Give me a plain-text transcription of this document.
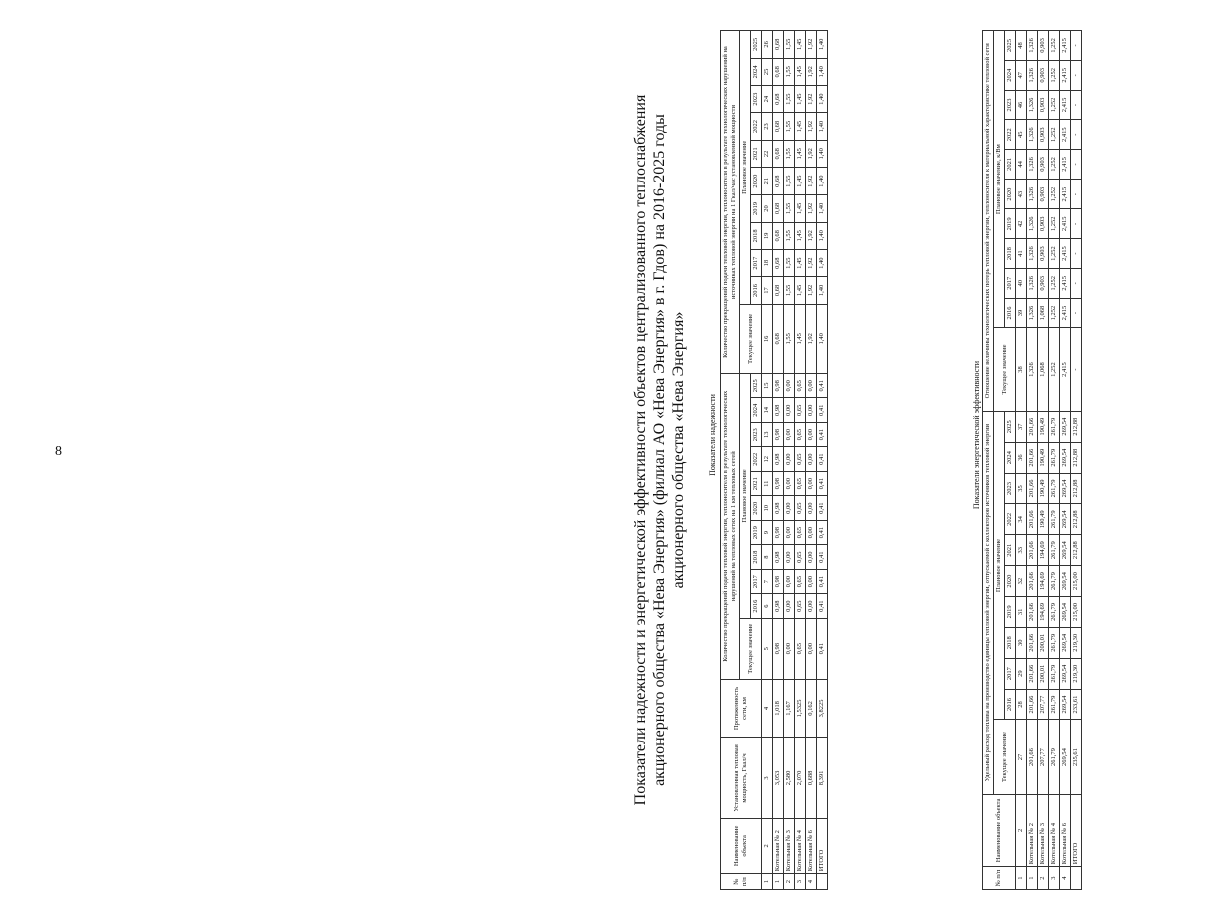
8	Показатели надежности и энергетической эффективности объектов централизованного теплоснабжения акционерного общества «Нева Энергия» (филиал АО «Нева Энергия» в г. Гдов) на 2016-2025 годы акционерного общества «Нева Энергия»	Показатели надежности
№ п/п	Наименование объекта	Установленная тепловая мощность, Гкал/ч	Протяженность сети, км	Количество прекращений подачи тепловой энергии, теплоносителя в результате технологических нарушений на тепловых сетях на 1 км тепловых сетей											Количество прекращений подачи тепловой энергии, теплоносителя в результате технологических нарушений на источниках тепловой энергии на 1 Гкал/час установленной мощности										
				Текущее значение	Плановое значение										Текущее значение	Плановое значение									
					2016	2017	2018	2019	2020	2021	2022	2023	2024	2025		2016	2017	2018	2019	2020	2021	2022	2023	2024	2025
1	2	3	4	5	6	7	8	9	10	11	12	13	14	15	16	17	18	19	20	21	22	23	24	25	26
1	Котельная № 2	3,053	1,018	0,98	0,98	0,98	0,98	0,98	0,98	0,98	0,98	0,98	0,98	0,98	0,68	0,68	0,68	0,68	0,68	0,68	0,68	0,68	0,68	0,68	0,68
2	Котельная № 3	2,580	1,167	0,00	0,00	0,00	0,00	0,00	0,00	0,00	0,00	0,00	0,00	0,00	1,55	1,55	1,55	1,55	1,55	1,55	1,55	1,55	1,55	1,55	1,55
3	Котельная № 4	2,070	1,5325	0,65	0,65	0,65	0,65	0,65	0,65	0,65	0,65	0,65	0,65	0,65	1,45	1,45	1,45	1,45	1,45	1,45	1,45	1,45	1,45	1,45	1,45
4	Котельная № 6	0,688	0,162	0,00	0,00	0,00	0,00	0,00	0,00	0,00	0,00	0,00	0,00	0,00	1,92	1,92	1,92	1,92	1,92	1,92	1,92	1,92	1,92	1,92	1,92
	ИТОГО	8,391	3,8225	0,41	0,41	0,41	0,41	0,41	0,41	0,41	0,41	0,41	0,41	0,41	1,40	1,40	1,40	1,40	1,40	1,40	1,40	1,40	1,40	1,40	1,40
Показатели энергетической эффективности
№ п/п	Наименование объекта	Удельный расход топлива на производство единицы тепловой энергии, отпускаемой с коллекторов источников тепловой энергии											Отношение величины технологических потерь тепловой энергии, теплоносителя к материальной характеристике тепловой сети										
		Текущее значение	Плановое значение										Текущее значение	Плановое значение, к/Вм									
			2016	2017	2018	2019	2020	2021	2022	2023	2024	2025		2016	2017	2018	2019	2020	2021	2022	2023	2024	2025
1	2	27	28	29	30	31	32	33	34	35	36	37	38	39	40	41	42	43	44	45	46	47	48
1	Котельная № 2	201,66	201,66	201,66	201,66	201,66	201,66	201,66	201,66	201,66	201,66	201,66	1,326	1,326	1,326	1,326	1,326	1,326	1,326	1,326	1,326	1,326	1,326
2	Котельная № 3	207,77	207,77	200,01	200,01	194,69	194,69	194,69	190,49	190,49	190,49	190,49	1,068	1,068	0,903	0,903	0,903	0,903	0,903	0,903	0,903	0,903	0,903
3	Котельная № 4	261,79	261,79	261,79	261,79	261,79	261,79	261,79	261,79	261,79	261,79	261,79	1,252	1,252	1,252	1,252	1,252	1,252	1,252	1,252	1,252	1,252	1,252
4	Котельная № 6	269,54	269,54	269,54	269,54	269,54	269,54	269,54	269,54	269,54	269,54	269,54	2,415	2,415	2,415	2,415	2,415	2,415	2,415	2,415	2,415	2,415	2,415
	ИТОГО	235,61	233,61	219,30	219,30	215,00	215,00	212,88	212,88	212,88	212,88	212,88	-	-	-	-	-	-	-	-	-	-	-
